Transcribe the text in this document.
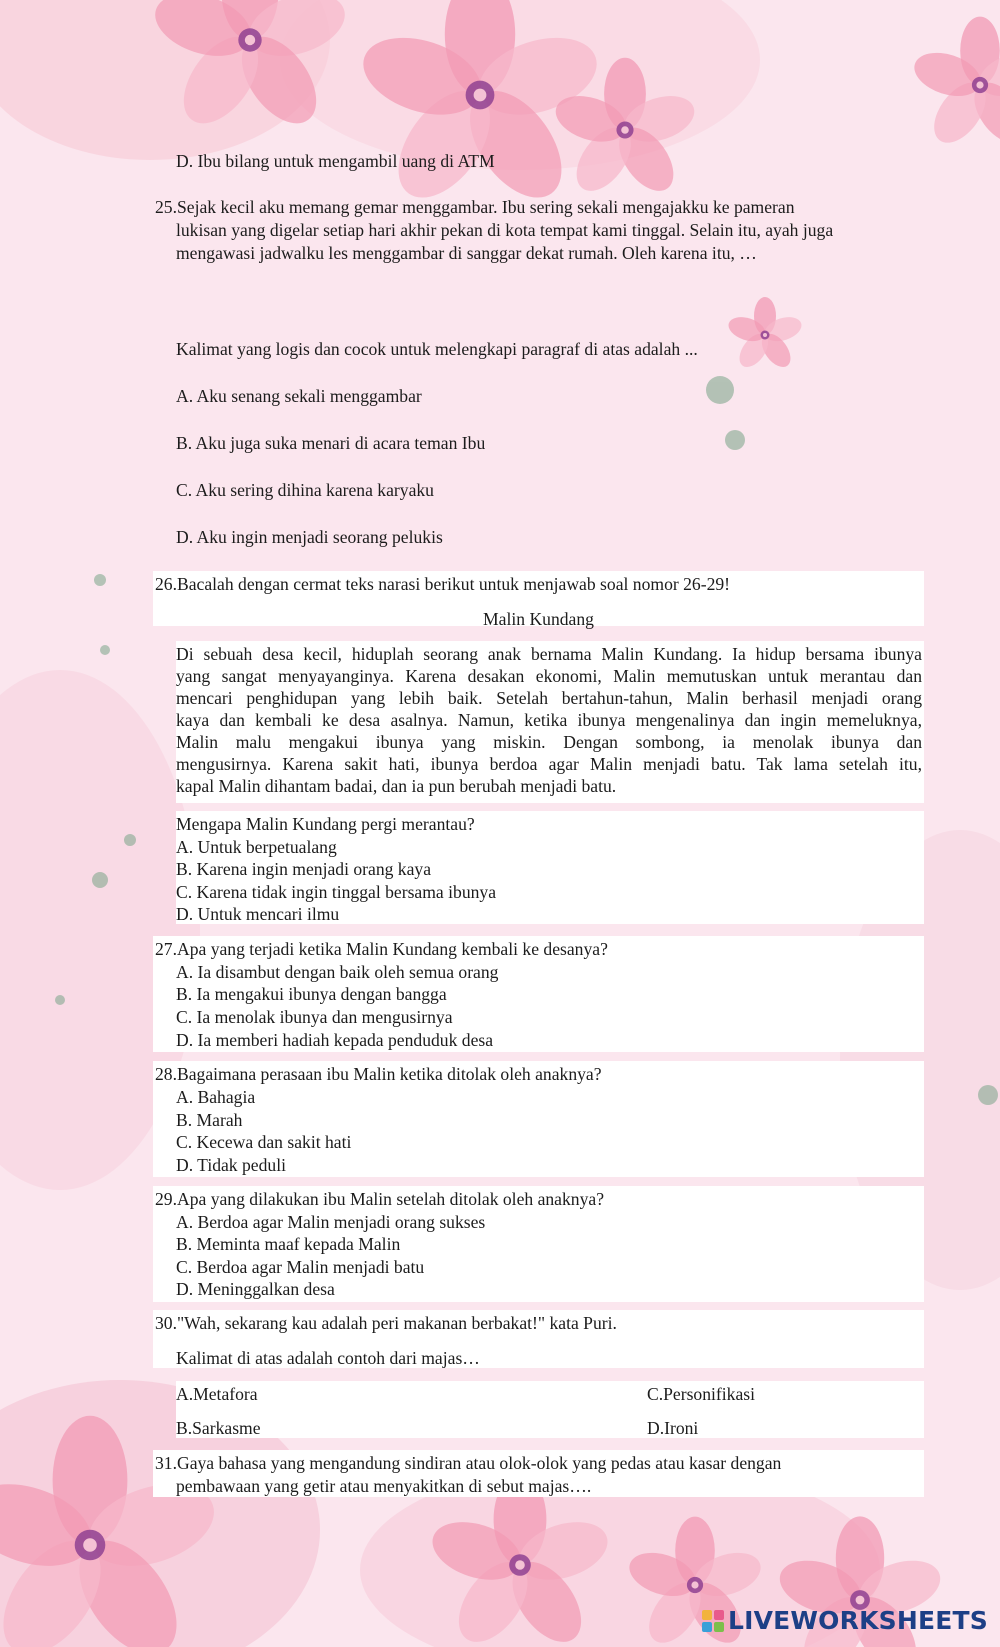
D. Ibu bilang untuk mengambil uang di ATM
25.Sejak kecil aku memang gemar menggambar. Ibu sering sekali mengajakku ke pameran
lukisan yang digelar setiap hari akhir pekan di kota tempat kami tinggal. Selain itu, ayah juga
mengawasi jadwalku les menggambar di sanggar dekat rumah. Oleh karena itu, …
Kalimat yang logis dan cocok untuk melengkapi paragraf di atas adalah ...
A. Aku senang sekali menggambar
B. Aku juga suka menari di acara teman Ibu
C. Aku sering dihina karena karyaku
D. Aku ingin menjadi seorang pelukis
26.Bacalah dengan cermat teks narasi berikut untuk menjawab soal nomor 26-29!
Malin Kundang
Di sebuah desa kecil, hiduplah seorang anak bernama Malin Kundang. Ia hidup bersama ibunya
yang sangat menyayanginya. Karena desakan ekonomi, Malin memutuskan untuk merantau dan
mencari penghidupan yang lebih baik. Setelah bertahun-tahun, Malin berhasil menjadi orang
kaya dan kembali ke desa asalnya. Namun, ketika ibunya mengenalinya dan ingin memeluknya,
Malin malu mengakui ibunya yang miskin. Dengan sombong, ia menolak ibunya dan
mengusirnya. Karena sakit hati, ibunya berdoa agar Malin menjadi batu. Tak lama setelah itu,
kapal Malin dihantam badai, dan ia pun berubah menjadi batu.
Mengapa Malin Kundang pergi merantau?
A. Untuk berpetualang
B. Karena ingin menjadi orang kaya
C. Karena tidak ingin tinggal bersama ibunya
D. Untuk mencari ilmu
27.Apa yang terjadi ketika Malin Kundang kembali ke desanya?
A. Ia disambut dengan baik oleh semua orang
B. Ia mengakui ibunya dengan bangga
C. Ia menolak ibunya dan mengusirnya
D. Ia memberi hadiah kepada penduduk desa
28.Bagaimana perasaan ibu Malin ketika ditolak oleh anaknya?
A. Bahagia
B. Marah
C. Kecewa dan sakit hati
D. Tidak peduli
29.Apa yang dilakukan ibu Malin setelah ditolak oleh anaknya?
A. Berdoa agar Malin menjadi orang sukses
B. Meminta maaf kepada Malin
C. Berdoa agar Malin menjadi batu
D. Meninggalkan desa
30."Wah, sekarang kau adalah peri makanan berbakat!" kata Puri.
Kalimat di atas adalah contoh dari majas…
A.Metafora	C.Personifikasi
B.Sarkasme	D.Ironi
31.Gaya bahasa yang mengandung sindiran atau olok-olok yang pedas atau kasar dengan
pembawaan yang getir atau menyakitkan di sebut majas….
LIVEWORKSHEETS
